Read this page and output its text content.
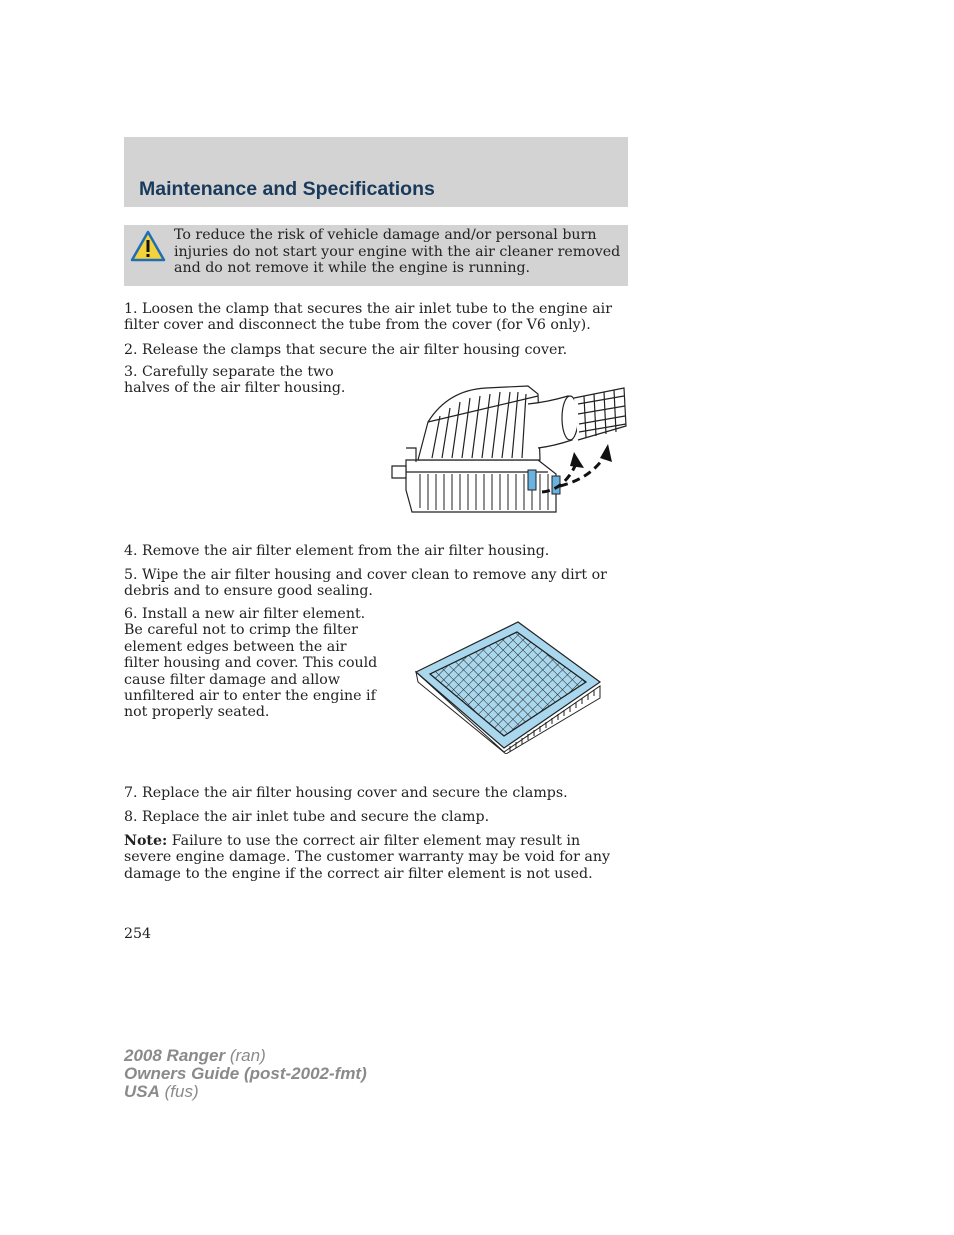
Maintenance and Specifications

To reduce the risk of vehicle damage and/or personal burn injuries do not start your engine with the air cleaner removed and do not remove it while the engine is running.

1. Loosen the clamp that secures the air inlet tube to the engine air filter cover and disconnect the tube from the cover (for V6 only).

2. Release the clamps that secure the air filter housing cover.

3. Carefully separate the two halves of the air filter housing.

4. Remove the air filter element from the air filter housing.

5. Wipe the air filter housing and cover clean to remove any dirt or debris and to ensure good sealing.

6. Install a new air filter element. Be careful not to crimp the filter element edges between the air filter housing and cover. This could cause filter damage and allow unfiltered air to enter the engine if not properly seated.

7. Replace the air filter housing cover and secure the clamps.

8. Replace the air inlet tube and secure the clamp.

Note: Failure to use the correct air filter element may result in severe engine damage. The customer warranty may be void for any damage to the engine if the correct air filter element is not used.

254
2008 Ranger (ran)
Owners Guide (post-2002-fmt)
USA (fus)
